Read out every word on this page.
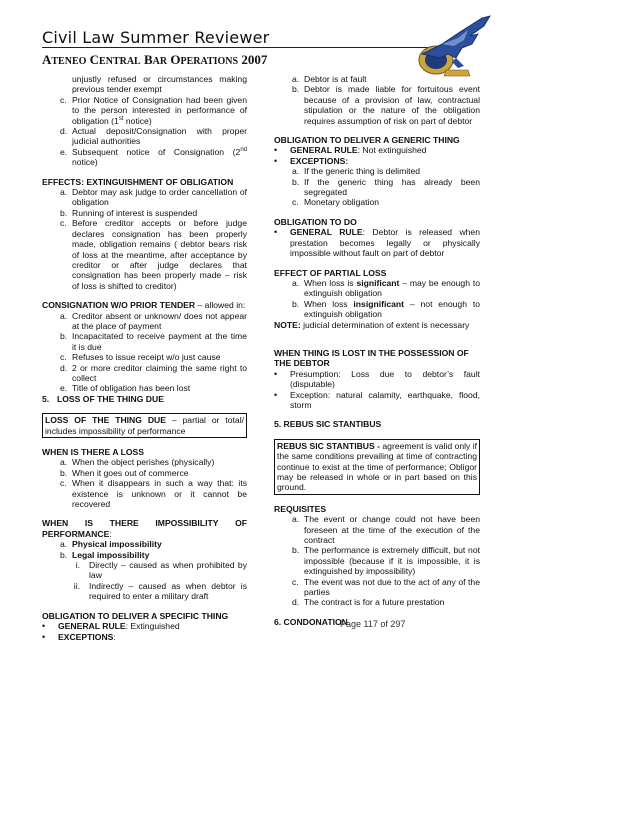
Civil Law Summer Reviewer
ATENEO CENTRAL BAR OPERATIONS 2007
unjustly refused or circumstances making previous tender exempt
c. Prior Notice of Consignation had been given to the person interested in performance of obligation (1st notice)
d. Actual deposit/Consignation with proper judicial authorities
e. Subsequent notice of Consignation (2nd notice)
EFFECTS: EXTINGUISHMENT OF OBLIGATION
a. Debtor may ask judge to order cancellation of obligation
b. Running of interest is suspended
c. Before creditor accepts or before judge declares consignation has been properly made, obligation remains ( debtor bears risk of loss at the meantime, after acceptance by creditor or after judge declares that consignation has been properly made – risk of loss is shifted to creditor)
CONSIGNATION W/O PRIOR TENDER – allowed in:
a. Creditor absent or unknown/ does not appear at the place of payment
b. Incapacitated to receive payment at the time it is due
c. Refuses to issue receipt w/o just cause
d. 2 or more creditor claiming the same right to collect
e. Title of obligation has been lost
5. LOSS OF THE THING DUE
LOSS OF THE THING DUE – partial or total/ includes impossibility of performance
WHEN IS THERE A LOSS
a. When the object perishes (physically)
b. When it goes out of commerce
c. When it disappears in such a way that: its existence is unknown or it cannot be recovered
WHEN IS THERE IMPOSSIBILITY OF
PERFORMANCE:
a. Physical impossibility
b. Legal impossibility
i.	Directly – caused as when prohibited by law
ii.	Indirectly – caused as when debtor is required to enter a military draft
OBLIGATION TO DELIVER A SPECIFIC THING
•	GENERAL RULE: Extinguished
•	EXCEPTIONS:
a. Debtor is at fault
b. Debtor is made liable for fortuitous event because of a provision of law, contractual stipulation or the nature of the obligation requires assumption of risk on part of debtor
OBLIGATION TO DELIVER A GENERIC THING
•	GENERAL RULE: Not extinguished
•	EXCEPTIONS:
a. If the generic thing is delimited
b. If the generic thing has already been segregated
c. Monetary obligation
OBLIGATION TO DO
•	GENERAL RULE: Debtor is released when prestation becomes legally or physically impossible without fault on part of debtor
EFFECT OF PARTIAL LOSS
a. When loss is significant – may be enough to extinguish obligation
b. When loss insignificant – not enough to extinguish obligation
NOTE: judicial determination of extent is necessary
WHEN THING IS LOST IN THE POSSESSION OF THE DEBTOR
•	Presumption: Loss due to debtor’s fault (disputable)
•	Exception: natural calamity, earthquake, flood, storm
5. REBUS SIC STANTIBUS
REBUS SIC STANTIBUS - agreement is valid only if the same conditions prevailing at time of contracting continue to exist at the time of performance; Obligor may be released in whole or in part based on this ground.
REQUISITES
a. The event or change could not have been foreseen at the time of the execution of the contract
b. The performance is extremely difficult, but not impossible (because if it is impossible, it is extinguished by impossibility)
c. The event was not due to the act of any of the parties
d. The contract is for a future prestation
6. CONDONATION
Page 117 of 297
